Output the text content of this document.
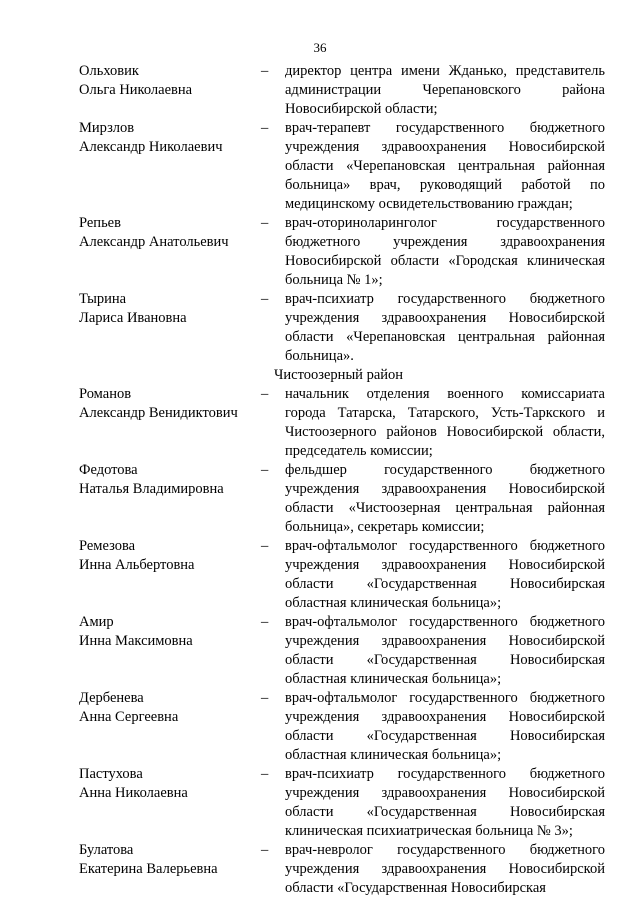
36
Ольховик
Ольга Николаевна
–	директор центра имени Жданько, представитель администрации Черепановского района Новосибирской области;
Мирзлов
Александр Николаевич
–	врач-терапевт государственного бюджетного учреждения здравоохранения Новосибирской области «Черепановская центральная районная больница» врач, руководящий работой по медицинскому освидетельствованию граждан;
Репьев
Александр Анатольевич
–	врач-оториноларинголог государственного бюджетного учреждения здравоохранения Новосибирской области «Городская клиническая больница № 1»;
Тырина
Лариса Ивановна
–	врач-психиатр государственного бюджетного учреждения здравоохранения Новосибирской области «Черепановская центральная районная больница».
Чистоозерный район
Романов
Александр Венидиктович
–	начальник отделения военного комиссариата города Татарска, Татарского, Усть-Таркского и Чистоозерного районов Новосибирской области, председатель комиссии;
Федотова
Наталья Владимировна
–	фельдшер государственного бюджетного учреждения здравоохранения Новосибирской области «Чистоозерная центральная районная больница», секретарь комиссии;
Ремезова
Инна Альбертовна
–	врач-офтальмолог государственного бюджетного учреждения здравоохранения Новосибирской области «Государственная Новосибирская областная клиническая больница»;
Амир
Инна Максимовна
–	врач-офтальмолог государственного бюджетного учреждения здравоохранения Новосибирской области «Государственная Новосибирская областная клиническая больница»;
Дербенева
Анна Сергеевна
–	врач-офтальмолог государственного бюджетного учреждения здравоохранения Новосибирской области «Государственная Новосибирская областная клиническая больница»;
Пастухова
Анна Николаевна
–	врач-психиатр государственного бюджетного учреждения здравоохранения Новосибирской области «Государственная Новосибирская клиническая психиатрическая больница № 3»;
Булатова
Екатерина Валерьевна
–	врач-невролог государственного бюджетного учреждения здравоохранения Новосибирской области «Государственная Новосибирская
